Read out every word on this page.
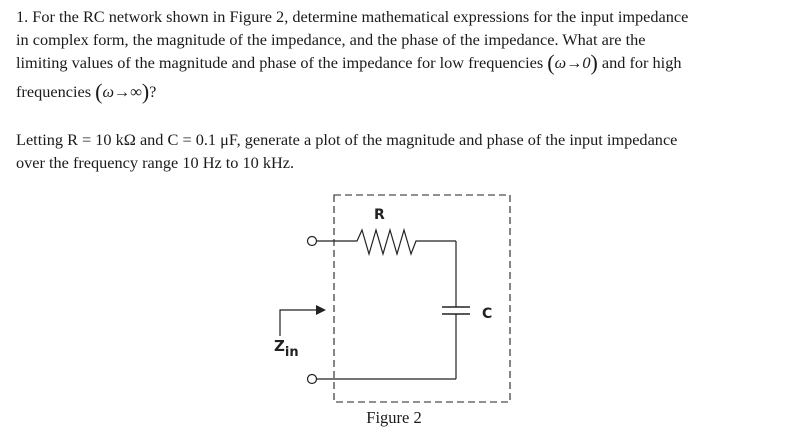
1. For the RC network shown in Figure 2, determine mathematical expressions for the input impedance
in complex form, the magnitude of the impedance, and the phase of the impedance. What are the
limiting values of the magnitude and phase of the impedance for low frequencies (ω→0) and for high
frequencies (ω→∞)?
Letting R = 10 kΩ and C = 0.1 μF, generate a plot of the magnitude and phase of the input impedance
over the frequency range 10 Hz to 10 kHz.
R
C
Zin
Figure 2
